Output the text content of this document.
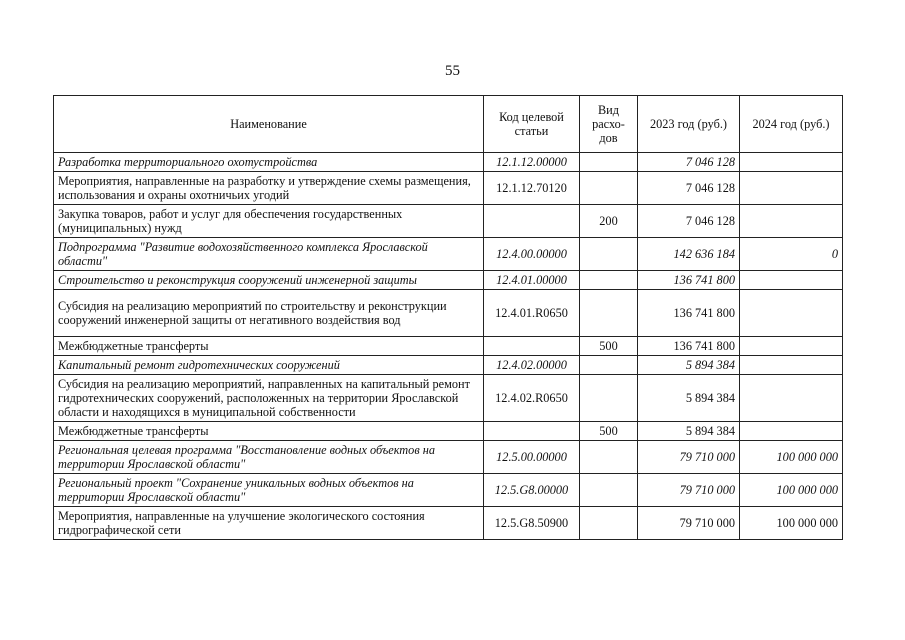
55
Наименование	Код целевой статьи	Вид расхо-дов	2023 год (руб.)	2024 год (руб.)
Разработка территориального охотустройства	12.1.12.00000		7 046 128	
Мероприятия, направленные на разработку и утверждение схемы размещения, использования и охраны охотничьих угодий	12.1.12.70120		7 046 128	
Закупка товаров, работ и услуг для обеспечения государственных (муниципальных) нужд		200	7 046 128	
Подпрограмма "Развитие водохозяйственного комплекса Ярославской области"	12.4.00.00000		142 636 184	0
Строительство и реконструкция сооружений инженерной защиты	12.4.01.00000		136 741 800	
Субсидия на реализацию мероприятий по строительству и реконструкции сооружений инженерной защиты от негативного воздействия вод	12.4.01.R0650		136 741 800	
Межбюджетные трансферты		500	136 741 800	
Капитальный ремонт гидротехнических сооружений	12.4.02.00000		5 894 384	
Субсидия на реализацию мероприятий, направленных на капитальный ремонт гидротехнических сооружений, расположенных на территории Ярославской области и находящихся в муниципальной собственности	12.4.02.R0650		5 894 384	
Межбюджетные трансферты		500	5 894 384	
Региональная целевая программа "Восстановление водных объектов на территории Ярославской области"	12.5.00.00000		79 710 000	100 000 000
Региональный проект "Сохранение уникальных водных объектов на территории Ярославской области"	12.5.G8.00000		79 710 000	100 000 000
Мероприятия, направленные на улучшение экологического состояния гидрографической сети	12.5.G8.50900		79 710 000	100 000 000
